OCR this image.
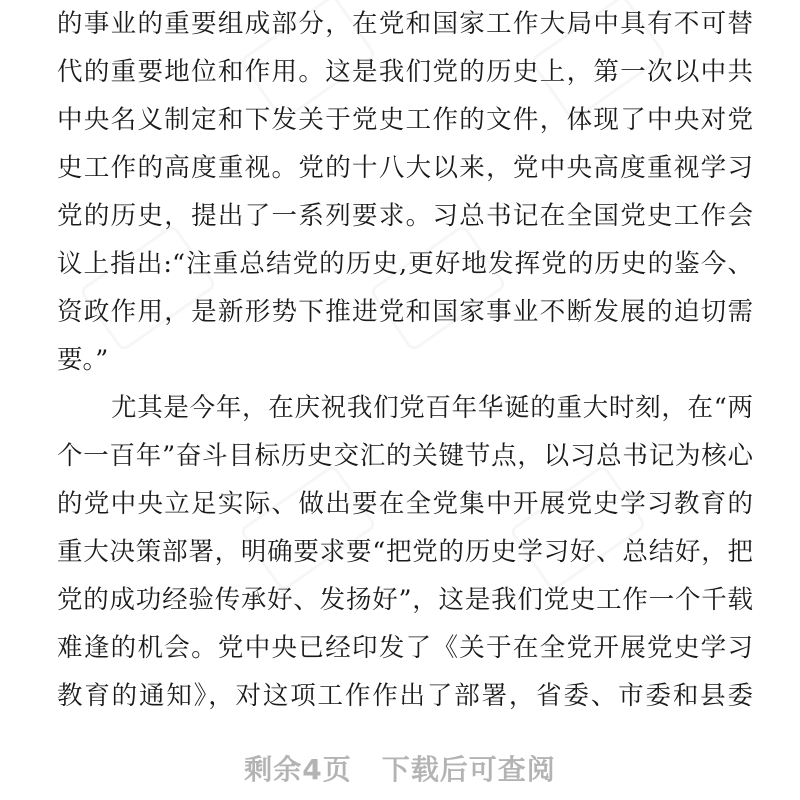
的事业的重要组成部分，在党和国家工作大局中具有不可替
代的重要地位和作用。这是我们党的历史上，第一次以中共
中央名义制定和下发关于党史工作的文件，体现了中央对党
史工作的高度重视。党的十八大以来，党中央高度重视学习
党的历史，提出了一系列要求。习总书记在全国党史工作会
议上指出:“注重总结党的历史,更好地发挥党的历史的鉴今、
资政作用，是新形势下推进党和国家事业不断发展的迫切需
要。”
尤其是今年，在庆祝我们党百年华诞的重大时刻，在“两
个一百年”奋斗目标历史交汇的关键节点，以习总书记为核心
的党中央立足实际、做出要在全党集中开展党史学习教育的
重大决策部署，明确要求要“把党的历史学习好、总结好，把
党的成功经验传承好、发扬好”，这是我们党史工作一个千载
难逢的机会。党中央已经印发了《关于在全党开展党史学习
教育的通知》，对这项工作作出了部署，省委、市委和县委
剩余4页 下载后可查阅
